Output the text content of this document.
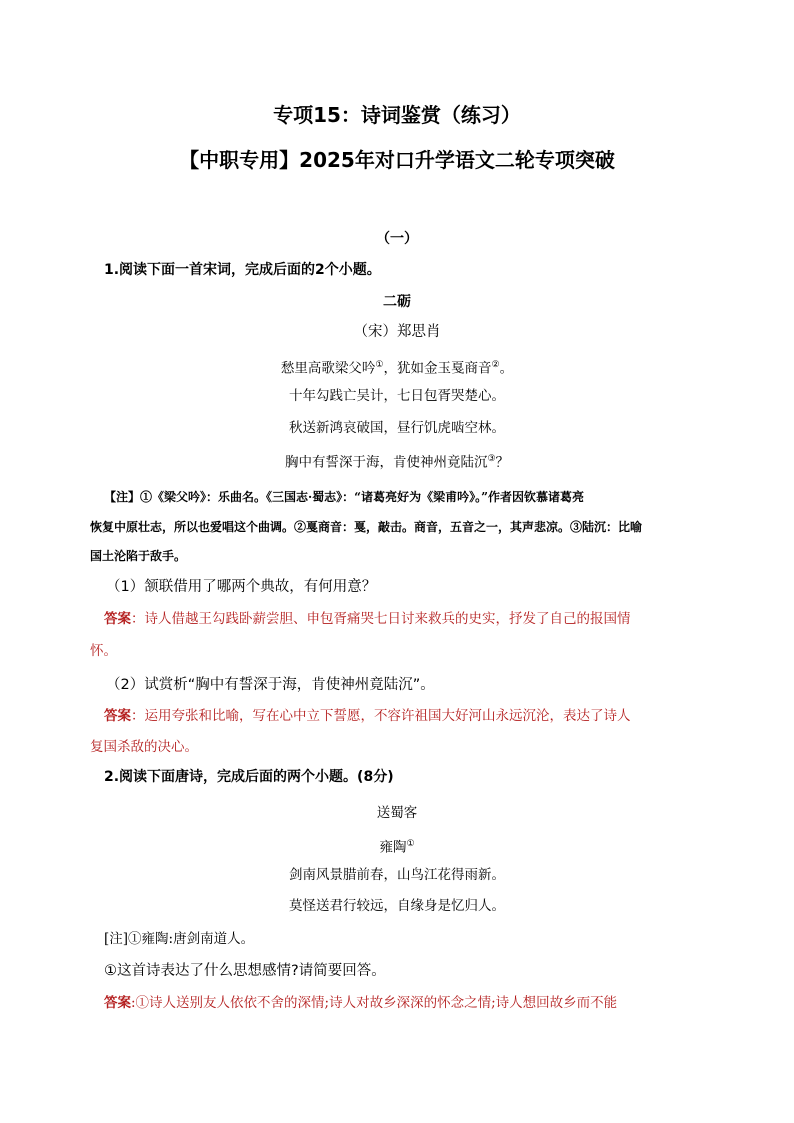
专项15：诗词鉴赏（练习）
【中职专用】2025年对口升学语文二轮专项突破
（一）
1.阅读下面一首宋词，完成后面的2个小题。
二砺
（宋）郑思肖
愁里高歌梁父吟①，犹如金玉戛商音②。
十年勾践亡吴计，七日包胥哭楚心。
秋送新鸿哀破国，昼行饥虎啮空林。
胸中有誓深于海，肯使神州竟陆沉③？
【注】①《梁父吟》：乐曲名。《三国志·蜀志》：“诸葛亮好为《梁甫吟》。”作者因钦慕诸葛亮
恢复中原壮志，所以也爱唱这个曲调。②戛商音：戛，敲击。商音，五音之一，其声悲凉。③陆沉：比喻
国土沦陷于敌手。
（1）颔联借用了哪两个典故，有何用意？
答案：诗人借越王勾践卧薪尝胆、申包胥痛哭七日讨来救兵的史实，抒发了自己的报国情
怀。
（2）试赏析“胸中有誓深于海，肯使神州竟陆沉”。
答案：运用夸张和比喻，写在心中立下誓愿，不容许祖国大好河山永远沉沦，表达了诗人
复国杀敌的决心。
2.阅读下面唐诗，完成后面的两个小题。(8分)
送蜀客
雍陶①
剑南风景腊前春，山鸟江花得雨新。
莫怪送君行较远，自缘身是忆归人。
[注]①雍陶:唐剑南道人。
①这首诗表达了什么思想感情?请简要回答。
答案:①诗人送别友人依依不舍的深情;诗人对故乡深深的怀念之情;诗人想回故乡而不能
